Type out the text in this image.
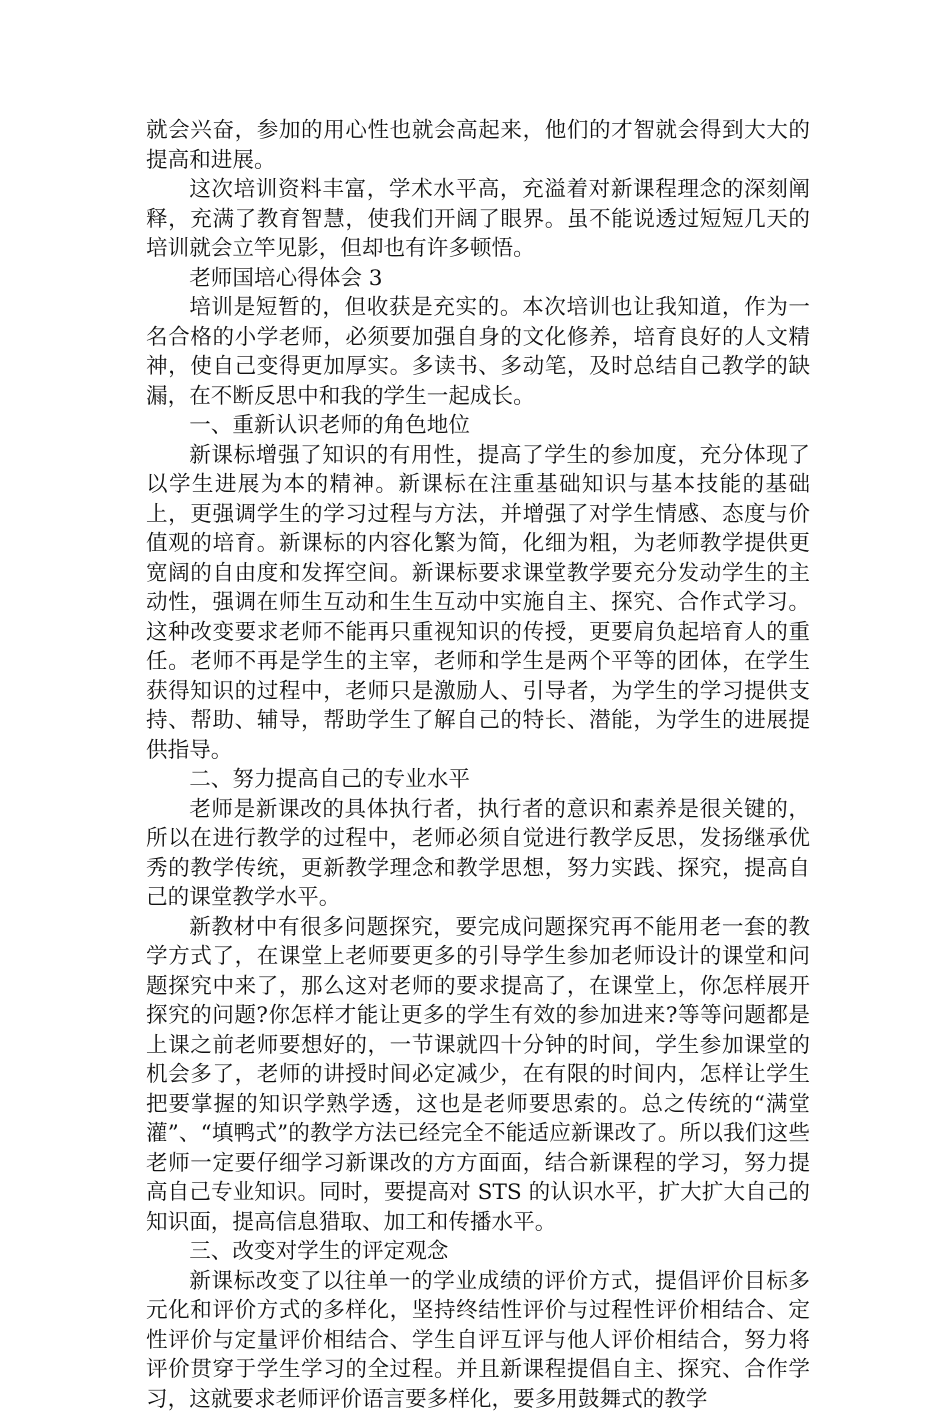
就会兴奋，参加的用心性也就会高起来，他们的才智就会得到大大的提高和进展。

这次培训资料丰富，学术水平高，充溢着对新课程理念的深刻阐释，充满了教育智慧，使我们开阔了眼界。虽不能说透过短短几天的培训就会立竿见影，但却也有许多顿悟。

老师国培心得体会 3

培训是短暂的，但收获是充实的。本次培训也让我知道，作为一名合格的小学老师，必须要加强自身的文化修养，培育良好的人文精神，使自己变得更加厚实。多读书、多动笔，及时总结自己教学的缺漏，在不断反思中和我的学生一起成长。

一、重新认识老师的角色地位

新课标增强了知识的有用性，提高了学生的参加度，充分体现了以学生进展为本的精神。新课标在注重基础知识与基本技能的基础上，更强调学生的学习过程与方法，并增强了对学生情感、态度与价值观的培育。新课标的内容化繁为简，化细为粗，为老师教学提供更宽阔的自由度和发挥空间。新课标要求课堂教学要充分发动学生的主动性，强调在师生互动和生生互动中实施自主、探究、合作式学习。这种改变要求老师不能再只重视知识的传授，更要肩负起培育人的重任。老师不再是学生的主宰，老师和学生是两个平等的团体，在学生获得知识的过程中，老师只是激励人、引导者，为学生的学习提供支持、帮助、辅导，帮助学生了解自己的特长、潜能，为学生的进展提供指导。

二、努力提高自己的专业水平

老师是新课改的具体执行者，执行者的意识和素养是很关键的，所以在进行教学的过程中，老师必须自觉进行教学反思，发扬继承优秀的教学传统，更新教学理念和教学思想，努力实践、探究，提高自己的课堂教学水平。

新教材中有很多问题探究，要完成问题探究再不能用老一套的教学方式了，在课堂上老师要更多的引导学生参加老师设计的课堂和问题探究中来了，那么这对老师的要求提高了，在课堂上，你怎样展开探究的问题?你怎样才能让更多的学生有效的参加进来?等等问题都是上课之前老师要想好的，一节课就四十分钟的时间，学生参加课堂的机会多了，老师的讲授时间必定减少，在有限的时间内，怎样让学生把要掌握的知识学熟学透，这也是老师要思索的。总之传统的“满堂灌”、“填鸭式”的教学方法已经完全不能适应新课改了。所以我们这些老师一定要仔细学习新课改的方方面面，结合新课程的学习，努力提高自己专业知识。同时，要提高对 STS 的认识水平，扩大扩大自己的知识面，提高信息猎取、加工和传播水平。

三、改变对学生的评定观念

新课标改变了以往单一的学业成绩的评价方式，提倡评价目标多元化和评价方式的多样化，坚持终结性评价与过程性评价相结合、定性评价与定量评价相结合、学生自评互评与他人评价相结合，努力将评价贯穿于学生学习的全过程。并且新课程提倡自主、探究、合作学习，这就要求老师评价语言要多样化，要多用鼓舞式的教学
